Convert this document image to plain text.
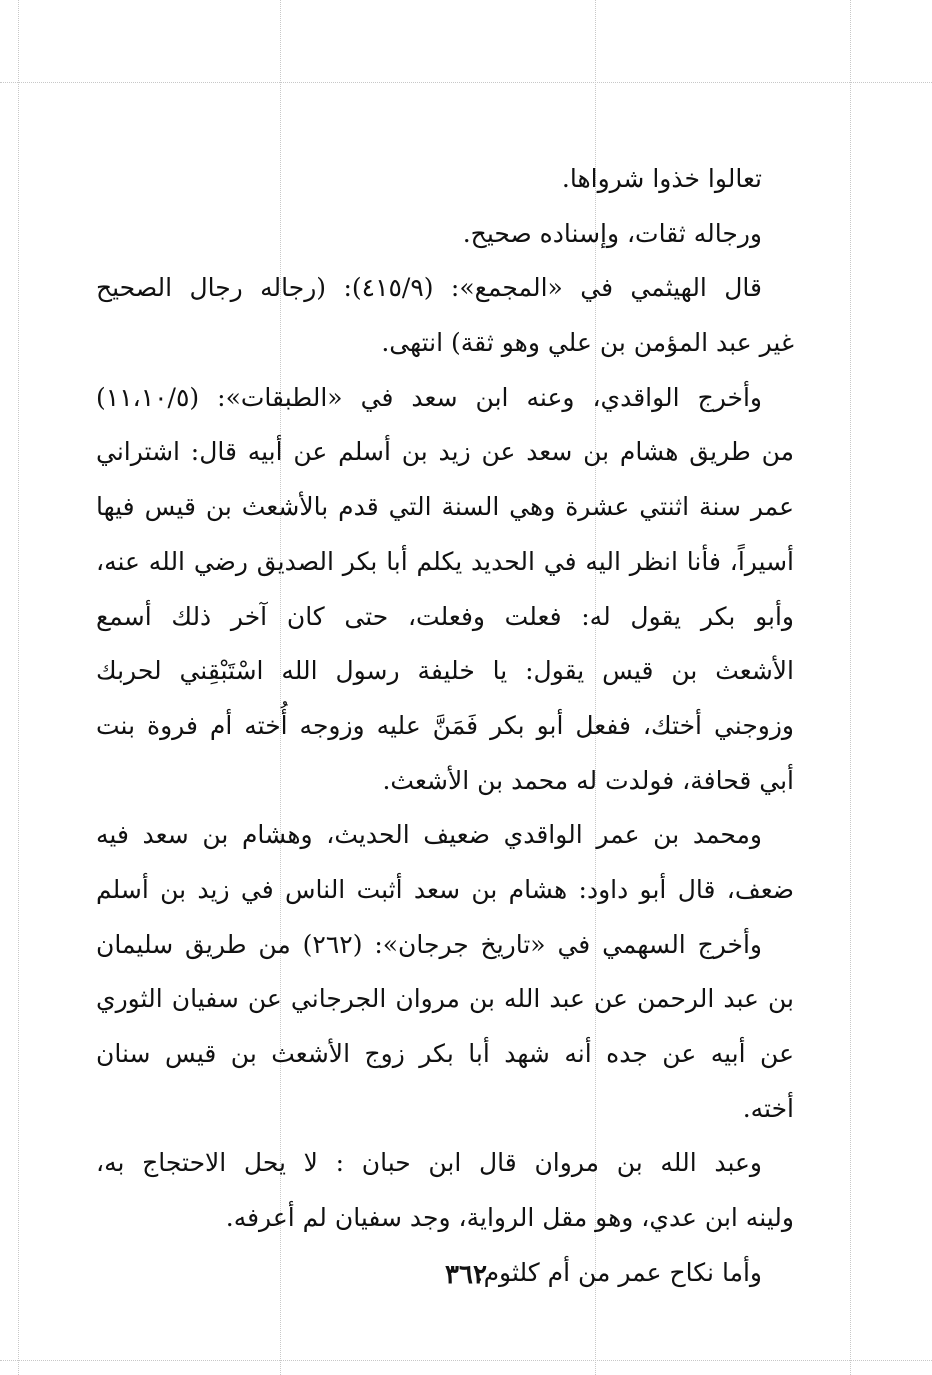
تعالوا خذوا شرواها.
ورجاله ثقات، وإسناده صحيح.
قال الهيثمي في «المجمع»: (٤١٥/٩): (رجاله رجال الصحيح
غير عبد المؤمن بن علي وهو ثقة) انتهى.
وأخرج الواقدي، وعنه ابن سعد في «الطبقات»: (١١،١٠/٥)
من طريق هشام بن سعد عن زيد بن أسلم عن أبيه قال: اشتراني
عمر سنة اثنتي عشرة وهي السنة التي قدم بالأشعث بن قيس فيها
أسيراً، فأنا انظر اليه في الحديد يكلم أبا بكر الصديق رضي الله عنه،
وأبو بكر يقول له: فعلت وفعلت، حتى كان آخر ذلك أسمع
الأشعث بن قيس يقول: يا خليفة رسول الله اسْتَبْقِني لحربك
وزوجني أختك، ففعل أبو بكر فَمَنَّ عليه وزوجه أُخته أم فروة بنت
أبي قحافة، فولدت له محمد بن الأشعث.
ومحمد بن عمر الواقدي ضعيف الحديث، وهشام بن سعد فيه
ضعف، قال أبو داود: هشام بن سعد أثبت الناس في زيد بن أسلم
وأخرج السهمي في «تاريخ جرجان»: (٢٦٢) من طريق سليمان
بن عبد الرحمن عن عبد الله بن مروان الجرجاني عن سفيان الثوري
عن أبيه عن جده أنه شهد أبا بكر زوج الأشعث بن قيس سنان
أخته.
وعبد الله بن مروان قال ابن حبان : لا يحل الاحتجاج به،
ولينه ابن عدي، وهو مقل الرواية، وجد سفيان لم أعرفه.
وأما نكاح عمر من أم كلثوم:
٣٦٢
